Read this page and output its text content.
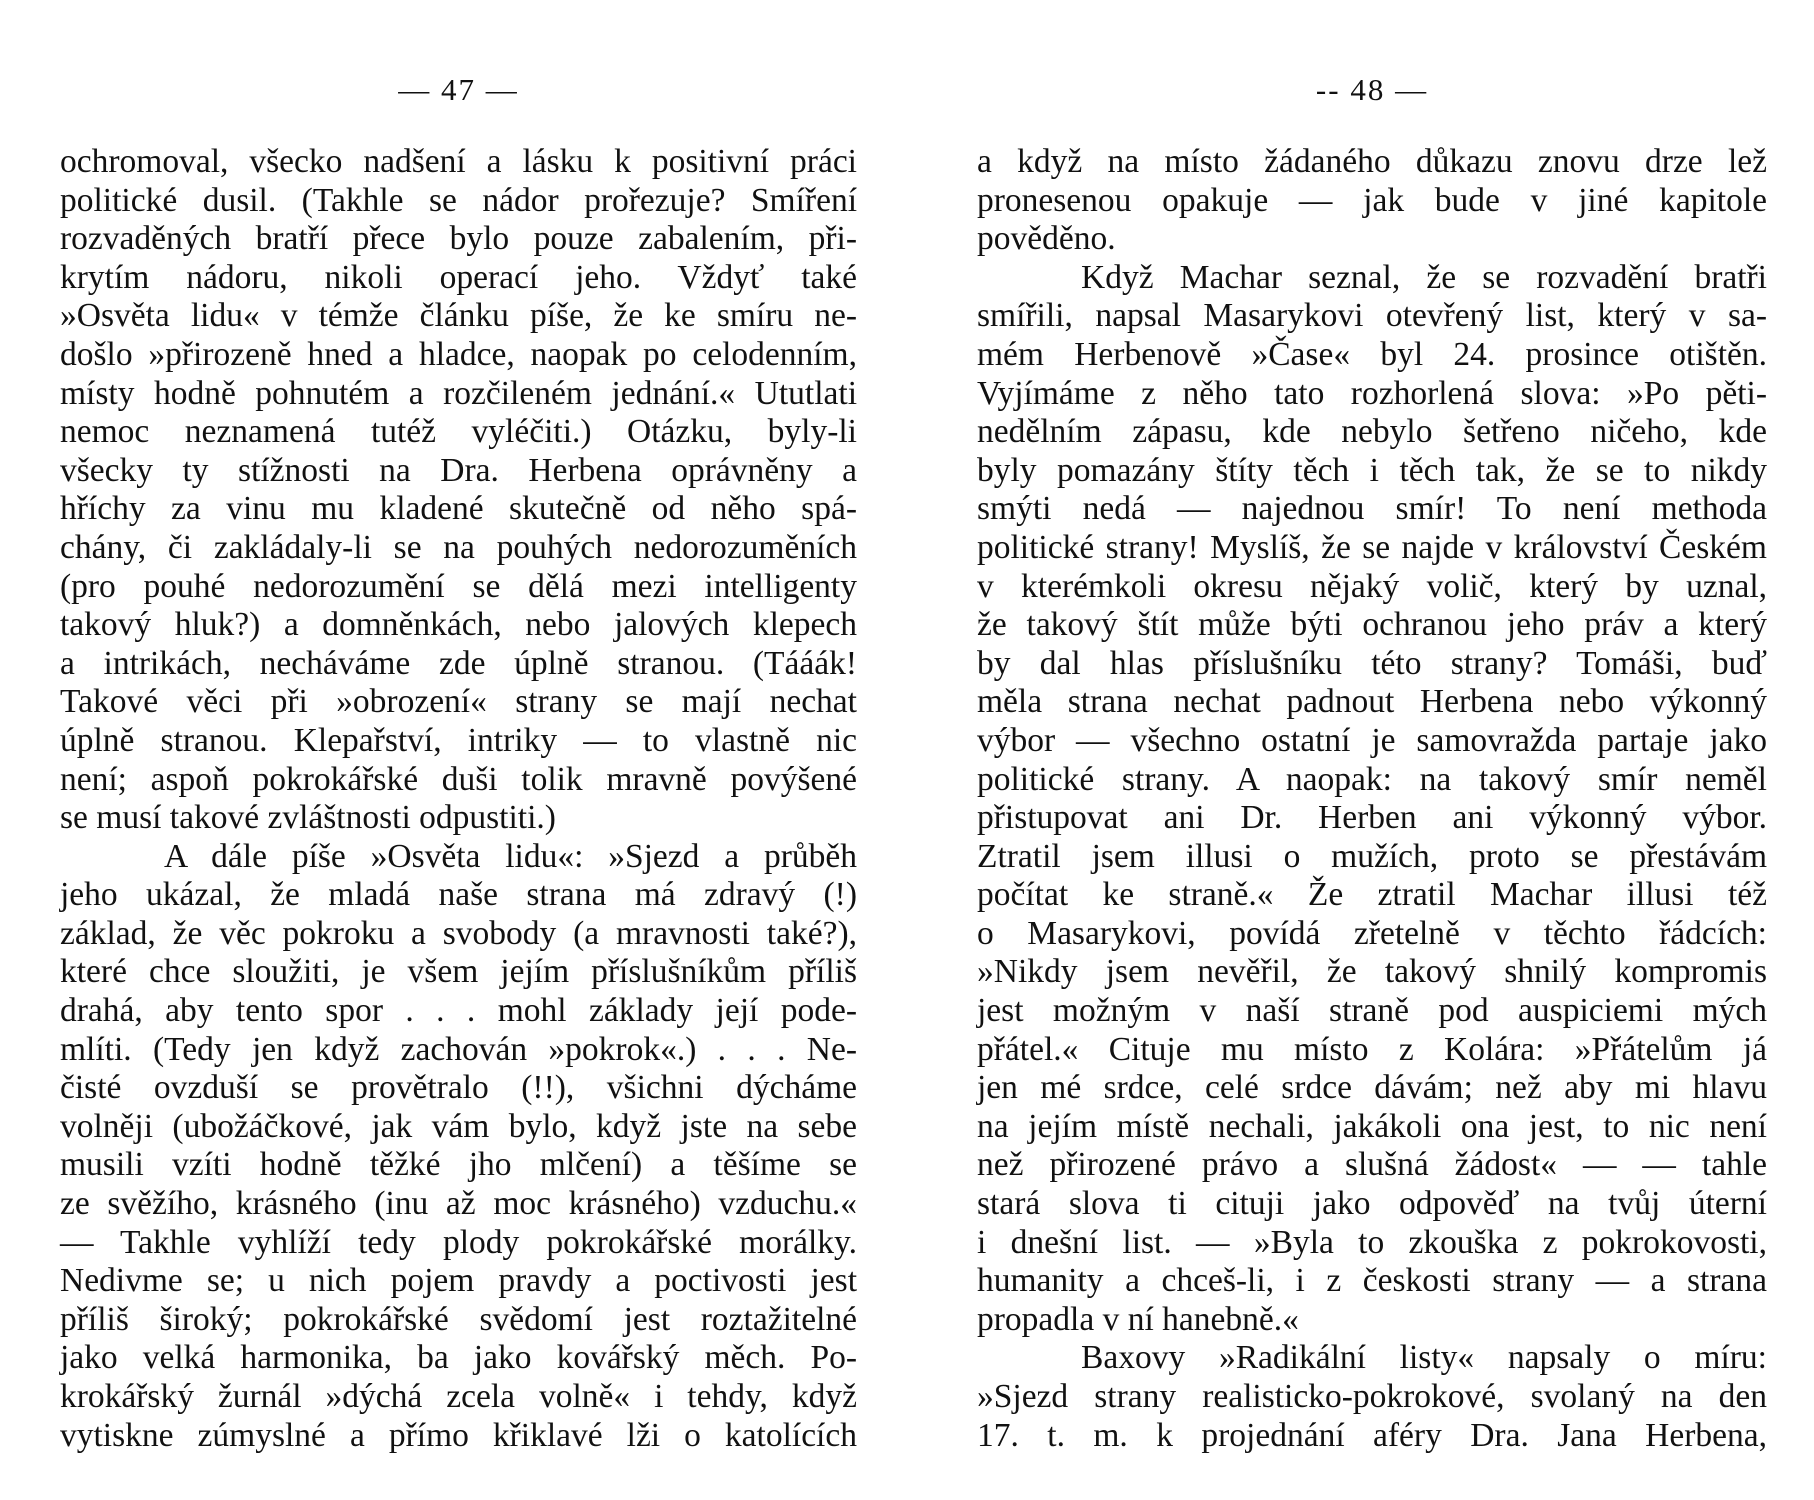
— 47 —
ochromoval, všecko nadšení a lásku k positivní práci
politické dusil. (Takhle se nádor prořezuje? Smíření
rozvaděných bratří přece bylo pouze zabalením, při-
krytím nádoru, nikoli operací jeho. Vždyť také
»Osvěta lidu« v témže článku píše, že ke smíru ne-
došlo »přirozeně hned a hladce, naopak po celodenním,
místy hodně pohnutém a rozčileném jednání.« Ututlati
nemoc neznamená tutéž vyléčiti.) Otázku, byly-li
všecky ty stížnosti na Dra. Herbena oprávněny a
hříchy za vinu mu kladené skutečně od něho spá-
chány, či zakládaly-li se na pouhých nedorozuměních
(pro pouhé nedorozumění se dělá mezi intelligenty
takový hluk?) a domněnkách, nebo jalových klepech
a intrikách, necháváme zde úplně stranou. (Tááák!
Takové věci při »obrození« strany se mají nechat
úplně stranou. Klepařství, intriky — to vlastně nic
není; aspoň pokrokářské duši tolik mravně povýšené
se musí takové zvláštnosti odpustiti.)
A dále píše »Osvěta lidu«: »Sjezd a průběh
jeho ukázal, že mladá naše strana má zdravý (!)
základ, že věc pokroku a svobody (a mravnosti také?),
které chce sloužiti, je všem jejím příslušníkům příliš
drahá, aby tento spor . . . mohl základy její pode-
mlíti. (Tedy jen když zachován »pokrok«.) . . . Ne-
čisté ovzduší se provětralo (!!), všichni dýcháme
volněji (ubožáčkové, jak vám bylo, když jste na sebe
musili vzíti hodně těžké jho mlčení) a těšíme se
ze svěžího, krásného (inu až moc krásného) vzduchu.«
— Takhle vyhlíží tedy plody pokrokářské morálky.
Nedivme se; u nich pojem pravdy a poctivosti jest
příliš široký; pokrokářské svědomí jest roztažitelné
jako velká harmonika, ba jako kovářský měch. Po-
krokářský žurnál »dýchá zcela volně« i tehdy, když
vytiskne zúmyslné a přímo křiklavé lži o katolících
-- 48 —
a když na místo žádaného důkazu znovu drze lež
pronesenou opakuje — jak bude v jiné kapitole
pověděno.
Když Machar seznal, že se rozvadění bratři
smířili, napsal Masarykovi otevřený list, který v sa-
mém Herbenově »Čase« byl 24. prosince otištěn.
Vyjímáme z něho tato rozhorlená slova: »Po pěti-
nedělním zápasu, kde nebylo šetřeno ničeho, kde
byly pomazány štíty těch i těch tak, že se to nikdy
smýti nedá — najednou smír! To není methoda
politické strany! Myslíš, že se najde v království Českém
v kterémkoli okresu nějaký volič, který by uznal,
že takový štít může býti ochranou jeho práv a který
by dal hlas příslušníku této strany? Tomáši, buď
měla strana nechat padnout Herbena nebo výkonný
výbor — všechno ostatní je samovražda partaje jako
politické strany. A naopak: na takový smír neměl
přistupovat ani Dr. Herben ani výkonný výbor.
Ztratil jsem illusi o mužích, proto se přestávám
počítat ke straně.« Že ztratil Machar illusi též
o Masarykovi, povídá zřetelně v těchto řádcích:
»Nikdy jsem nevěřil, že takový shnilý kompromis
jest možným v naší straně pod auspiciemi mých
přátel.« Cituje mu místo z Kolára: »Přátelům já
jen mé srdce, celé srdce dávám; než aby mi hlavu
na jejím místě nechali, jakákoli ona jest, to nic není
než přirozené právo a slušná žádost« — — tahle
stará slova ti cituji jako odpověď na tvůj úterní
i dnešní list. — »Byla to zkouška z pokrokovosti,
humanity a chceš-li, i z českosti strany — a strana
propadla v ní hanebně.«
Baxovy »Radikální listy« napsaly o míru:
»Sjezd strany realisticko-pokrokové, svolaný na den
17. t. m. k projednání aféry Dra. Jana Herbena,
